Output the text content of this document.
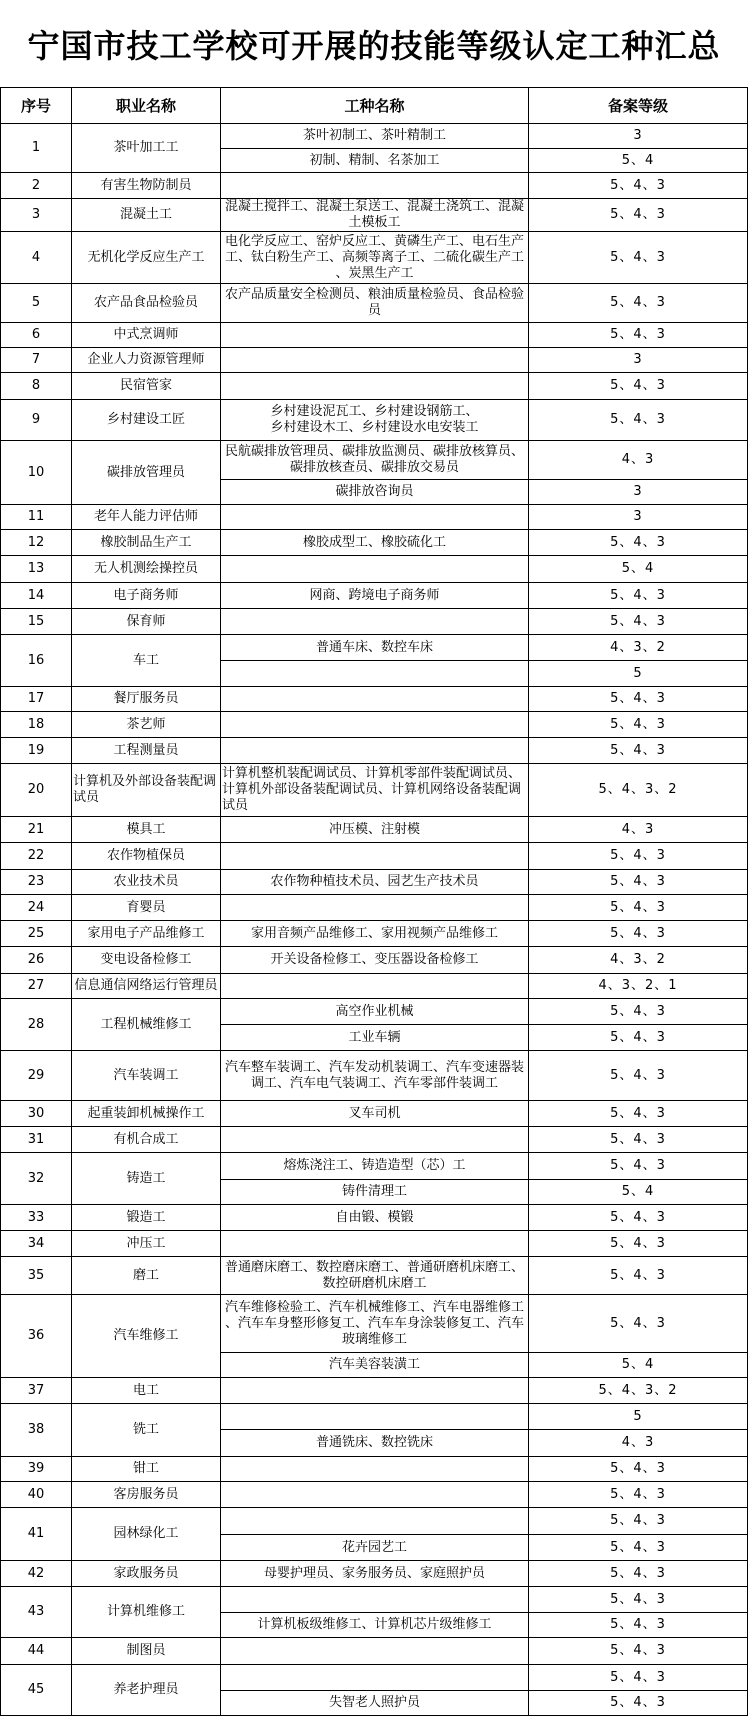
宁国市技工学校可开展的技能等级认定工种汇总
序号	职业名称	工种名称	备案等级
1	茶叶加工工	茶叶初制工、茶叶精制工	3
		初制、精制、名茶加工	5、4
2	有害生物防制员		5、4、3
3	混凝土工	混凝土搅拌工、混凝土泵送工、混凝土浇筑工、混凝土模板工	5、4、3
4	无机化学反应生产工	电化学反应工、窑炉反应工、黄磷生产工、电石生产工、钛白粉生产工、高频等离子工、二硫化碳生产工、炭黑生产工	5、4、3
5	农产品食品检验员	农产品质量安全检测员、粮油质量检验员、食品检验员	5、4、3
6	中式烹调师		5、4、3
7	企业人力资源管理师		3
8	民宿管家		5、4、3
9	乡村建设工匠	乡村建设泥瓦工、乡村建设钢筋工、
乡村建设木工、乡村建设水电安装工	5、4、3
10	碳排放管理员	民航碳排放管理员、碳排放监测员、碳排放核算员、碳排放核查员、碳排放交易员	4、3
		碳排放咨询员	3
11	老年人能力评估师		3
12	橡胶制品生产工	橡胶成型工、橡胶硫化工	5、4、3
13	无人机测绘操控员		5、4
14	电子商务师	网商、跨境电子商务师	5、4、3
15	保育师		5、4、3
16	车工	普通车床、数控车床	4、3、2
			5
17	餐厅服务员		5、4、3
18	茶艺师		5、4、3
19	工程测量员		5、4、3
20	计算机及外部设备装配调试员	计算机整机装配调试员、计算机零部件装配调试员、计算机外部设备装配调试员、计算机网络设备装配调试员	5、4、3、2
21	模具工	冲压模、注射模	4、3
22	农作物植保员		5、4、3
23	农业技术员	农作物种植技术员、园艺生产技术员	5、4、3
24	育婴员		5、4、3
25	家用电子产品维修工	家用音频产品维修工、家用视频产品维修工	5、4、3
26	变电设备检修工	开关设备检修工、变压器设备检修工	4、3、2
27	信息通信网络运行管理员		4、3、2、1
28	工程机械维修工	高空作业机械	5、4、3
		工业车辆	5、4、3
29	汽车装调工	汽车整车装调工、汽车发动机装调工、汽车变速器装调工、汽车电气装调工、汽车零部件装调工	5、4、3
30	起重装卸机械操作工	叉车司机	5、4、3
31	有机合成工		5、4、3
32	铸造工	熔炼浇注工、铸造造型（芯）工	5、4、3
		铸件清理工	5、4
33	锻造工	自由锻、模锻	5、4、3
34	冲压工		5、4、3
35	磨工	普通磨床磨工、数控磨床磨工、普通研磨机床磨工、数控研磨机床磨工	5、4、3
36	汽车维修工	汽车维修检验工、汽车机械维修工、汽车电器维修工、汽车车身整形修复工、汽车车身涂装修复工、汽车玻璃维修工	5、4、3
		汽车美容装潢工	5、4
37	电工		5、4、3、2
38	铣工		5
		普通铣床、数控铣床	4、3
39	钳工		5、4、3
40	客房服务员		5、4、3
41	园林绿化工		5、4、3
		花卉园艺工	5、4、3
42	家政服务员	母婴护理员、家务服务员、家庭照护员	5、4、3
43	计算机维修工		5、4、3
		计算机板级维修工、计算机芯片级维修工	5、4、3
44	制图员		5、4、3
45	养老护理员		5、4、3
		失智老人照护员	5、4、3
